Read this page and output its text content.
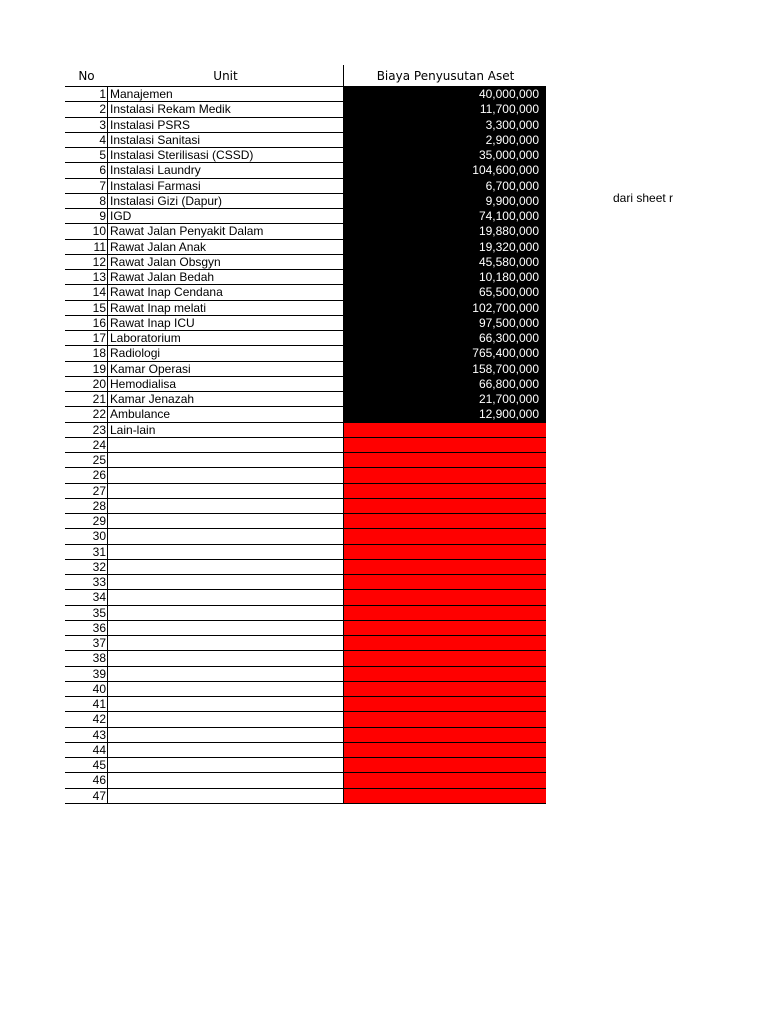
No	Unit	Biaya Penyusutan Aset
1 Manajemen	40,000,000
2 Instalasi Rekam Medik	11,700,000
3 Instalasi PSRS	3,300,000
4 Instalasi Sanitasi	2,900,000
5 Instalasi Sterilisasi (CSSD)	35,000,000
6 Instalasi Laundry	104,600,000
7 Instalasi Farmasi	6,700,000
8 Instalasi Gizi (Dapur)	9,900,000
9 IGD	74,100,000
10 Rawat Jalan Penyakit Dalam	19,880,000
11 Rawat Jalan Anak	19,320,000
12 Rawat Jalan Obsgyn	45,580,000
13 Rawat Jalan Bedah	10,180,000
14 Rawat Inap Cendana	65,500,000
15 Rawat Inap melati	102,700,000
16 Rawat Inap ICU	97,500,000
17 Laboratorium	66,300,000
18 Radiologi	765,400,000
19 Kamar Operasi	158,700,000
20 Hemodialisa	66,800,000
21 Kamar Jenazah	21,700,000
22 Ambulance	12,900,000
23 Lain-lain
24
25
26
27
28
29
30
31
32
33
34
35
36
37
38
39
40
41
42
43
44
45
46
47
dari sheet r
